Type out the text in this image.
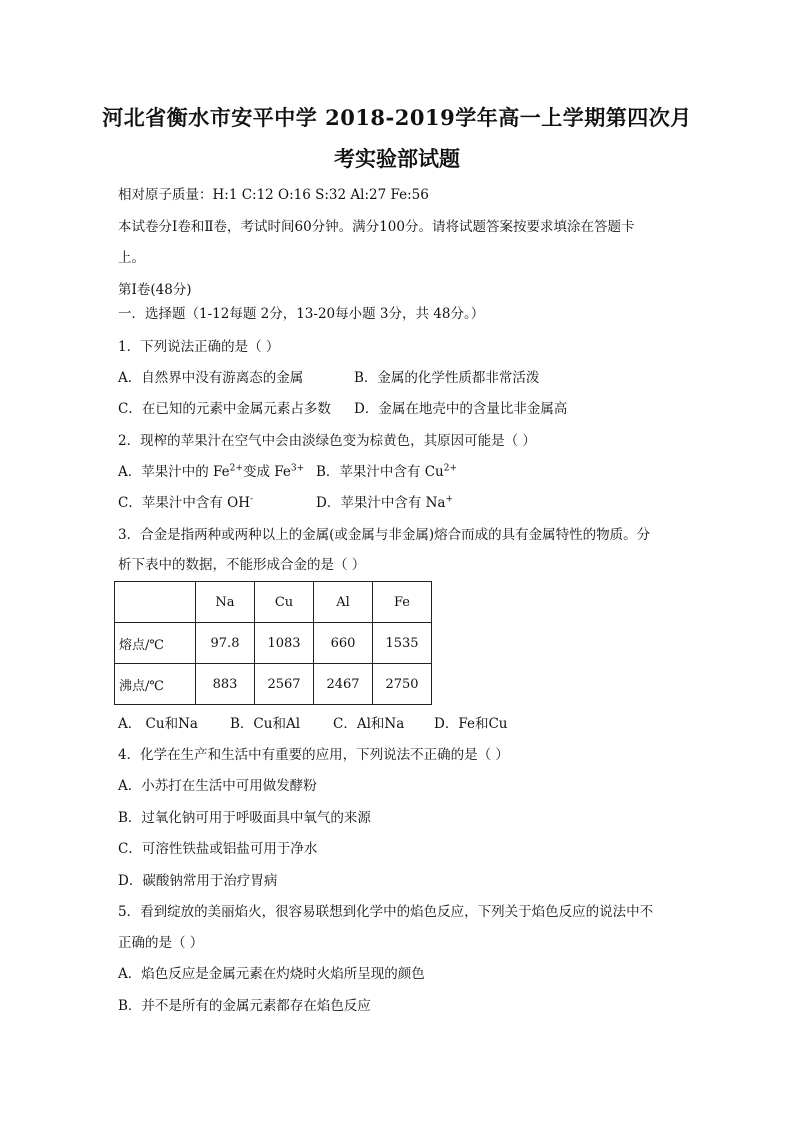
河北省衡水市安平中学 2018-2019学年高一上学期第四次月
考实验部试题
相对原子质量：H:1 C:12 O:16 S:32 Al:27 Fe:56
本试卷分Ⅰ卷和Ⅱ卷，考试时间60分钟。满分100分。请将试题答案按要求填涂在答题卡
上。
第Ⅰ卷(48分)
一．选择题（1-12每题 2分，13-20每小题 3分，共 48分。）
1．下列说法正确的是（ ）
A．自然界中没有游离态的金属	B．金属的化学性质都非常活泼
C．在已知的元素中金属元素占多数 D．金属在地壳中的含量比非金属高
2．现榨的苹果汁在空气中会由淡绿色变为棕黄色，其原因可能是（ ）
A．苹果汁中的 $Fe^{2+}$变成 $Fe^{3+}$ B．苹果汁中含有 $Cu^{2+}$
C．苹果汁中含有 OH-	D．苹果汁中含有 Na+
3．合金是指两种或两种以上的金属(或金属与非金属)熔合而成的具有金属特性的物质。分
析下表中的数据，不能形成合金的是（ ）
	Na	Cu	Al	Fe
熔点/℃	97.8	1083	660	1535
沸点/℃	883	2567	2467	2750
A． Cu和Na B．Cu和Al C．Al和Na D．Fe和Cu
4．化学在生产和生活中有重要的应用，下列说法不正确的是（ ）
A．小苏打在生活中可用做发酵粉
B．过氧化钠可用于呼吸面具中氧气的来源
C．可溶性铁盐或铝盐可用于净水
D．碳酸钠常用于治疗胃病
5．看到绽放的美丽焰火，很容易联想到化学中的焰色反应，下列关于焰色反应的说法中不
正确的是（ ）
A．焰色反应是金属元素在灼烧时火焰所呈现的颜色
B．并不是所有的金属元素都存在焰色反应
